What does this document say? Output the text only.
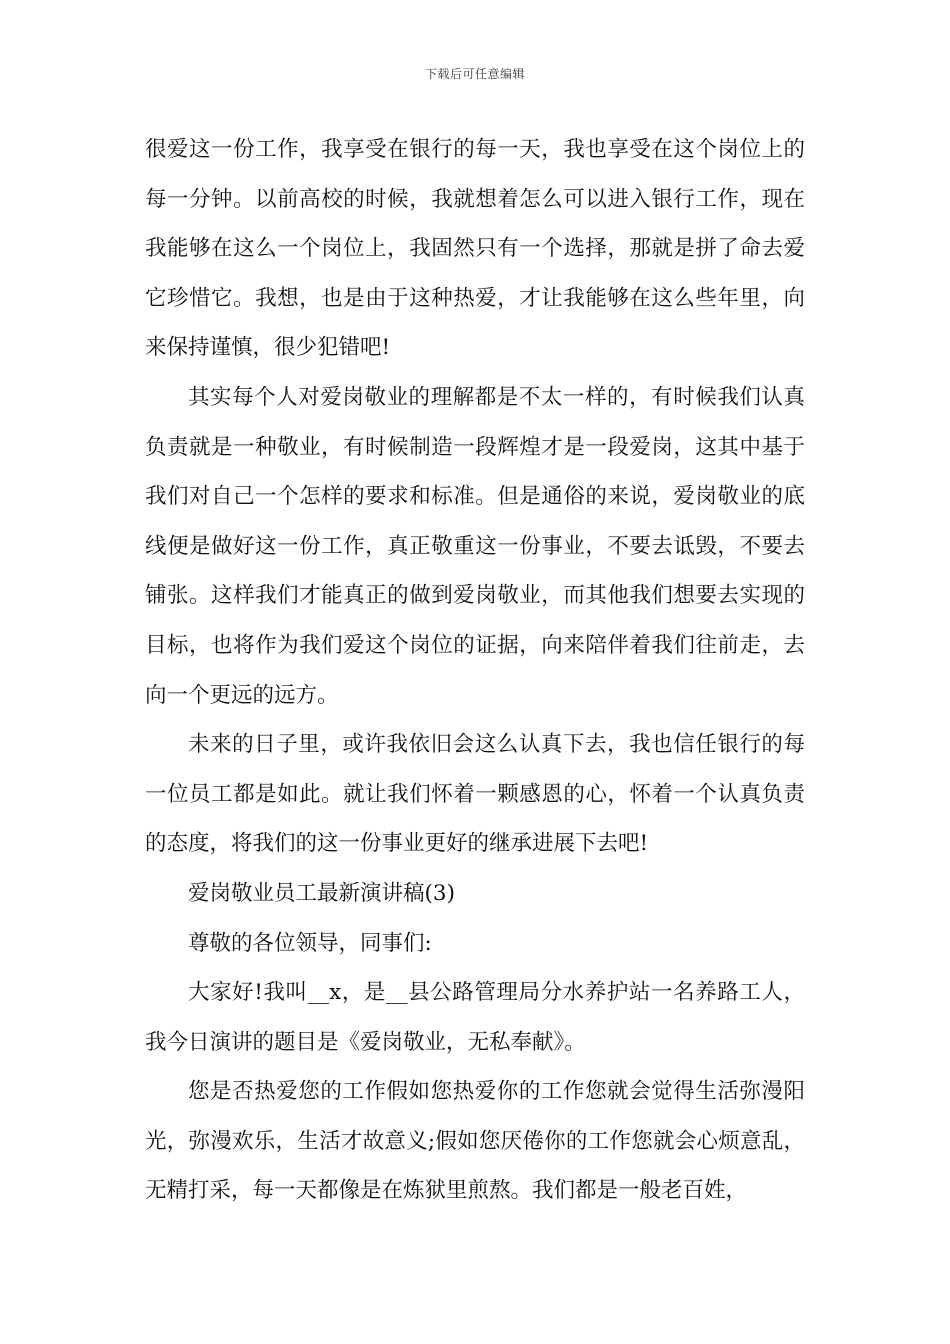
下载后可任意编辑

很爱这一份工作，我享受在银行的每一天，我也享受在这个岗位上的每一分钟。以前高校的时候，我就想着怎么可以进入银行工作，现在我能够在这么一个岗位上，我固然只有一个选择，那就是拼了命去爱它珍惜它。我想，也是由于这种热爱，才让我能够在这么些年里，向来保持谨慎，很少犯错吧!

其实每个人对爱岗敬业的理解都是不太一样的，有时候我们认真负责就是一种敬业，有时候制造一段辉煌才是一段爱岗，这其中基于我们对自己一个怎样的要求和标准。但是通俗的来说，爱岗敬业的底线便是做好这一份工作，真正敬重这一份事业，不要去诋毁，不要去铺张。这样我们才能真正的做到爱岗敬业，而其他我们想要去实现的目标，也将作为我们爱这个岗位的证据，向来陪伴着我们往前走，去向一个更远的远方。

未来的日子里，或许我依旧会这么认真下去，我也信任银行的每一位员工都是如此。就让我们怀着一颗感恩的心，怀着一个认真负责的态度，将我们的这一份事业更好的继承进展下去吧!

爱岗敬业员工最新演讲稿(3)

尊敬的各位领导，同事们:

大家好!我叫__x，是__县公路管理局分水养护站一名养路工人，我今日演讲的题目是《爱岗敬业，无私奉献》。

您是否热爱您的工作假如您热爱你的工作您就会觉得生活弥漫阳光，弥漫欢乐，生活才故意义;假如您厌倦你的工作您就会心烦意乱，无精打采，每一天都像是在炼狱里煎熬。我们都是一般老百姓，
